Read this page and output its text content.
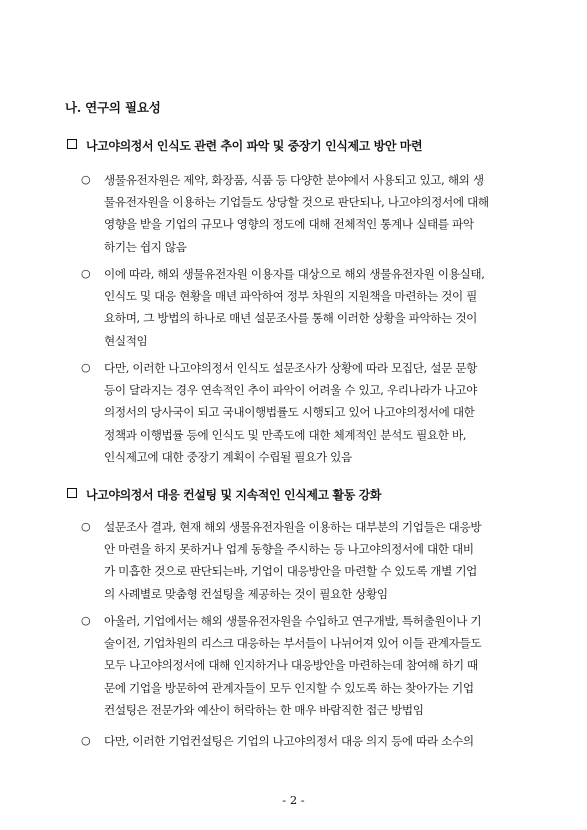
나. 연구의 필요성
나고야의정서 인식도 관련 추이 파악 및 중장기 인식제고 방안 마련
○ 생물유전자원은 제약, 화장품, 식품 등 다양한 분야에서 사용되고 있고, 해외 생
물유전자원을 이용하는 기업들도 상당할 것으로 판단되나, 나고야의정서에 대해
영향을 받을 기업의 규모나 영향의 정도에 대해 전체적인 통계나 실태를 파악
하기는 쉽지 않음
○ 이에 따라, 해외 생물유전자원 이용자를 대상으로 해외 생물유전자원 이용실태,
인식도 및 대응 현황을 매년 파악하여 정부 차원의 지원책을 마련하는 것이 필
요하며, 그 방법의 하나로 매년 설문조사를 통해 이러한 상황을 파악하는 것이
현실적임
○ 다만, 이러한 나고야의정서 인식도 설문조사가 상황에 따라 모집단, 설문 문항
등이 달라지는 경우 연속적인 추이 파악이 어려울 수 있고, 우리나라가 나고야
의정서의 당사국이 되고 국내이행법률도 시행되고 있어 나고야의정서에 대한
정책과 이행법률 등에 인식도 및 만족도에 대한 체계적인 분석도 필요한 바,
인식제고에 대한 중장기 계획이 수립될 필요가 있음
나고야의정서 대응 컨설팅 및 지속적인 인식제고 활동 강화
○ 설문조사 결과, 현재 해외 생물유전자원을 이용하는 대부분의 기업들은 대응방
안 마련을 하지 못하거나 업계 동향을 주시하는 등 나고야의정서에 대한 대비
가 미흡한 것으로 판단되는바, 기업이 대응방안을 마련할 수 있도록 개별 기업
의 사례별로 맞춤형 컨설팅을 제공하는 것이 필요한 상황임
○ 아울러, 기업에서는 해외 생물유전자원을 수입하고 연구개발, 특허출원이나 기
술이전, 기업차원의 리스크 대응하는 부서들이 나뉘어져 있어 이들 관계자들도
모두 나고야의정서에 대해 인지하거나 대응방안을 마련하는데 참여해 하기 때
문에 기업을 방문하여 관계자들이 모두 인지할 수 있도록 하는 찾아가는 기업
컨설팅은 전문가와 예산이 허락하는 한 매우 바람직한 접근 방법임
○ 다만, 이러한 기업컨설팅은 기업의 나고야의정서 대응 의지 등에 따라 소수의
- 2 -
